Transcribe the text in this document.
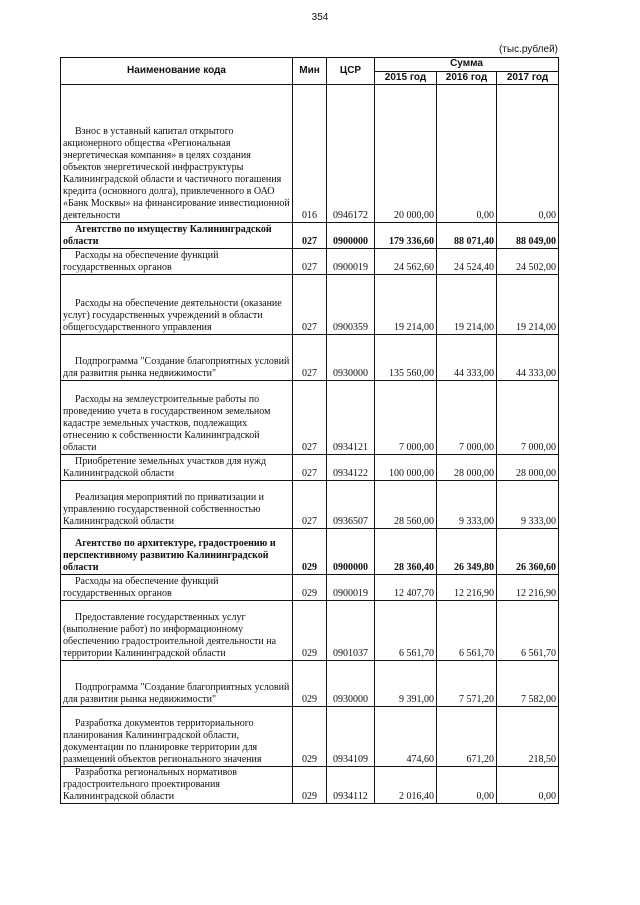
354
(тыс.рублей)
Наименование кода	Мин	ЦСР	Сумма		
			2015 год	2016 год	2017 год
Взнос в уставный капитал открытого акционерного общества «Региональная энергетическая компания» в целях создания объектов энергетической инфраструктуры Калининградской области и частичного погашения кредита (основного долга), привлеченного в ОАО «Банк Москвы» на финансирование инвестиционной деятельности	016	0946172	20 000,00	0,00	0,00
Агентство по имуществу Калининградской области	027	0900000	179 336,60	88 071,40	88 049,00
Расходы на обеспечение функций государственных органов	027	0900019	24 562,60	24 524,40	24 502,00
Расходы на обеспечение деятельности (оказание услуг) государственных учреждений в области общегосударственного управления	027	0900359	19 214,00	19 214,00	19 214,00
Подпрограмма "Создание благоприятных условий для развития рынка недвижимости"	027	0930000	135 560,00	44 333,00	44 333,00
Расходы на землеустроительные работы по проведению учета в государственном земельном кадастре земельных участков, подлежащих отнесению к собственности Калининградской области	027	0934121	7 000,00	7 000,00	7 000,00
Приобретение земельных участков для нужд Калининградской области	027	0934122	100 000,00	28 000,00	28 000,00
Реализация мероприятий по приватизации и управлению государственной собственностью Калининградской области	027	0936507	28 560,00	9 333,00	9 333,00
Агентство по архитектуре, градостроению и перспективному развитию Калининградской области	029	0900000	28 360,40	26 349,80	26 360,60
Расходы на обеспечение функций государственных органов	029	0900019	12 407,70	12 216,90	12 216,90
Предоставление государственных услуг (выполнение работ) по информационному обеспечению градостроительной деятельности на территории Калининградской области	029	0901037	6 561,70	6 561,70	6 561,70
Подпрограмма "Создание благоприятных условий для развития рынка недвижимости"	029	0930000	9 391,00	7 571,20	7 582,00
Разработка документов территориального планирования Калининградской области, документации по планировке территории для размещений объектов регионального значения	029	0934109	474,60	671,20	218,50
Разработка региональных нормативов градостроительного проектирования Калининградской области	029	0934112	2 016,40	0,00	0,00
